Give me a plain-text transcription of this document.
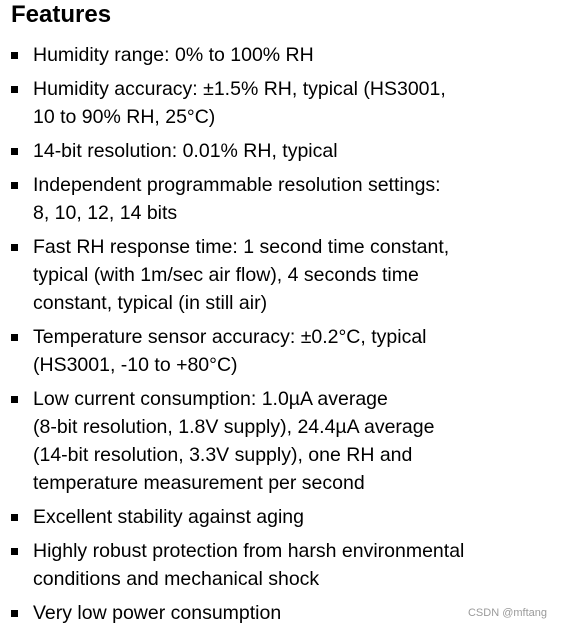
Features

Humidity range: 0% to 100% RH

Humidity accuracy: ±1.5% RH, typical (HS3001,
10 to 90% RH, 25°C)

14-bit resolution: 0.01% RH, typical

Independent programmable resolution settings:
8, 10, 12, 14 bits

Fast RH response time: 1 second time constant,
typical (with 1m/sec air flow), 4 seconds time
constant, typical (in still air)

Temperature sensor accuracy: ±0.2°C, typical
(HS3001, -10 to +80°C)

Low current consumption: 1.0µA average
(8-bit resolution, 1.8V supply), 24.4µA average
(14-bit resolution, 3.3V supply), one RH and
temperature measurement per second

Excellent stability against aging

Highly robust protection from harsh environmental
conditions and mechanical shock

Very low power consumption	CSDN @mftang
